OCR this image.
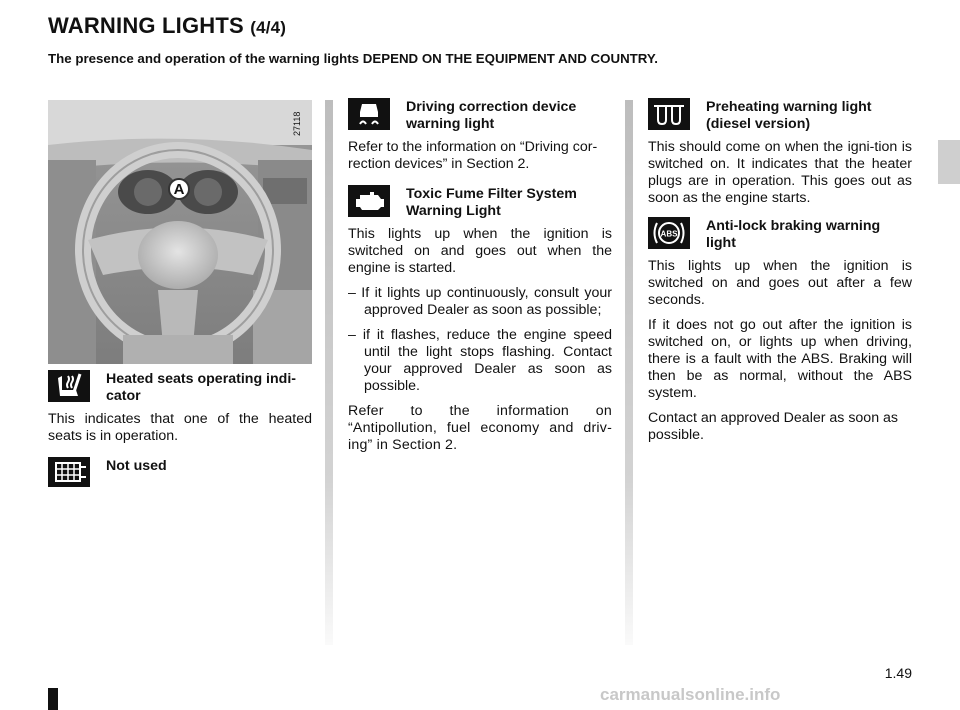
WARNING LIGHTS (4/4)
The presence and operation of the warning lights DEPEND ON THE EQUIPMENT AND COUNTRY.
A
27118
Heated seats operating indi-
cator

This indicates that one of the heated seats is in operation.

Not used
Driving correction device
warning light

Refer to the information on “Driving cor-rection devices” in Section 2.

Toxic Fume Filter System
Warning Light

This lights up when the ignition is switched on and goes out when the engine is started.

– If it lights up continuously, consult your approved Dealer as soon as possible;

– if it flashes, reduce the engine speed until the light stops flashing. Contact your approved Dealer as soon as possible.

Refer to the information on “Antipollution, fuel economy and driv-ing” in Section 2.

Preheating warning light
(diesel version)

This should come on when the igni-tion is switched on. It indicates that the heater plugs are in operation. This goes out as soon as the engine starts.

ABS Anti-lock braking warning
light

This lights up when the ignition is switched on and goes out after a few seconds.

If it does not go out after the ignition is switched on, or lights up when driving, there is a fault with the ABS. Braking will then be as normal, without the ABS system.

Contact an approved Dealer as soon as possible.

1.49
carmanualsonline.info
